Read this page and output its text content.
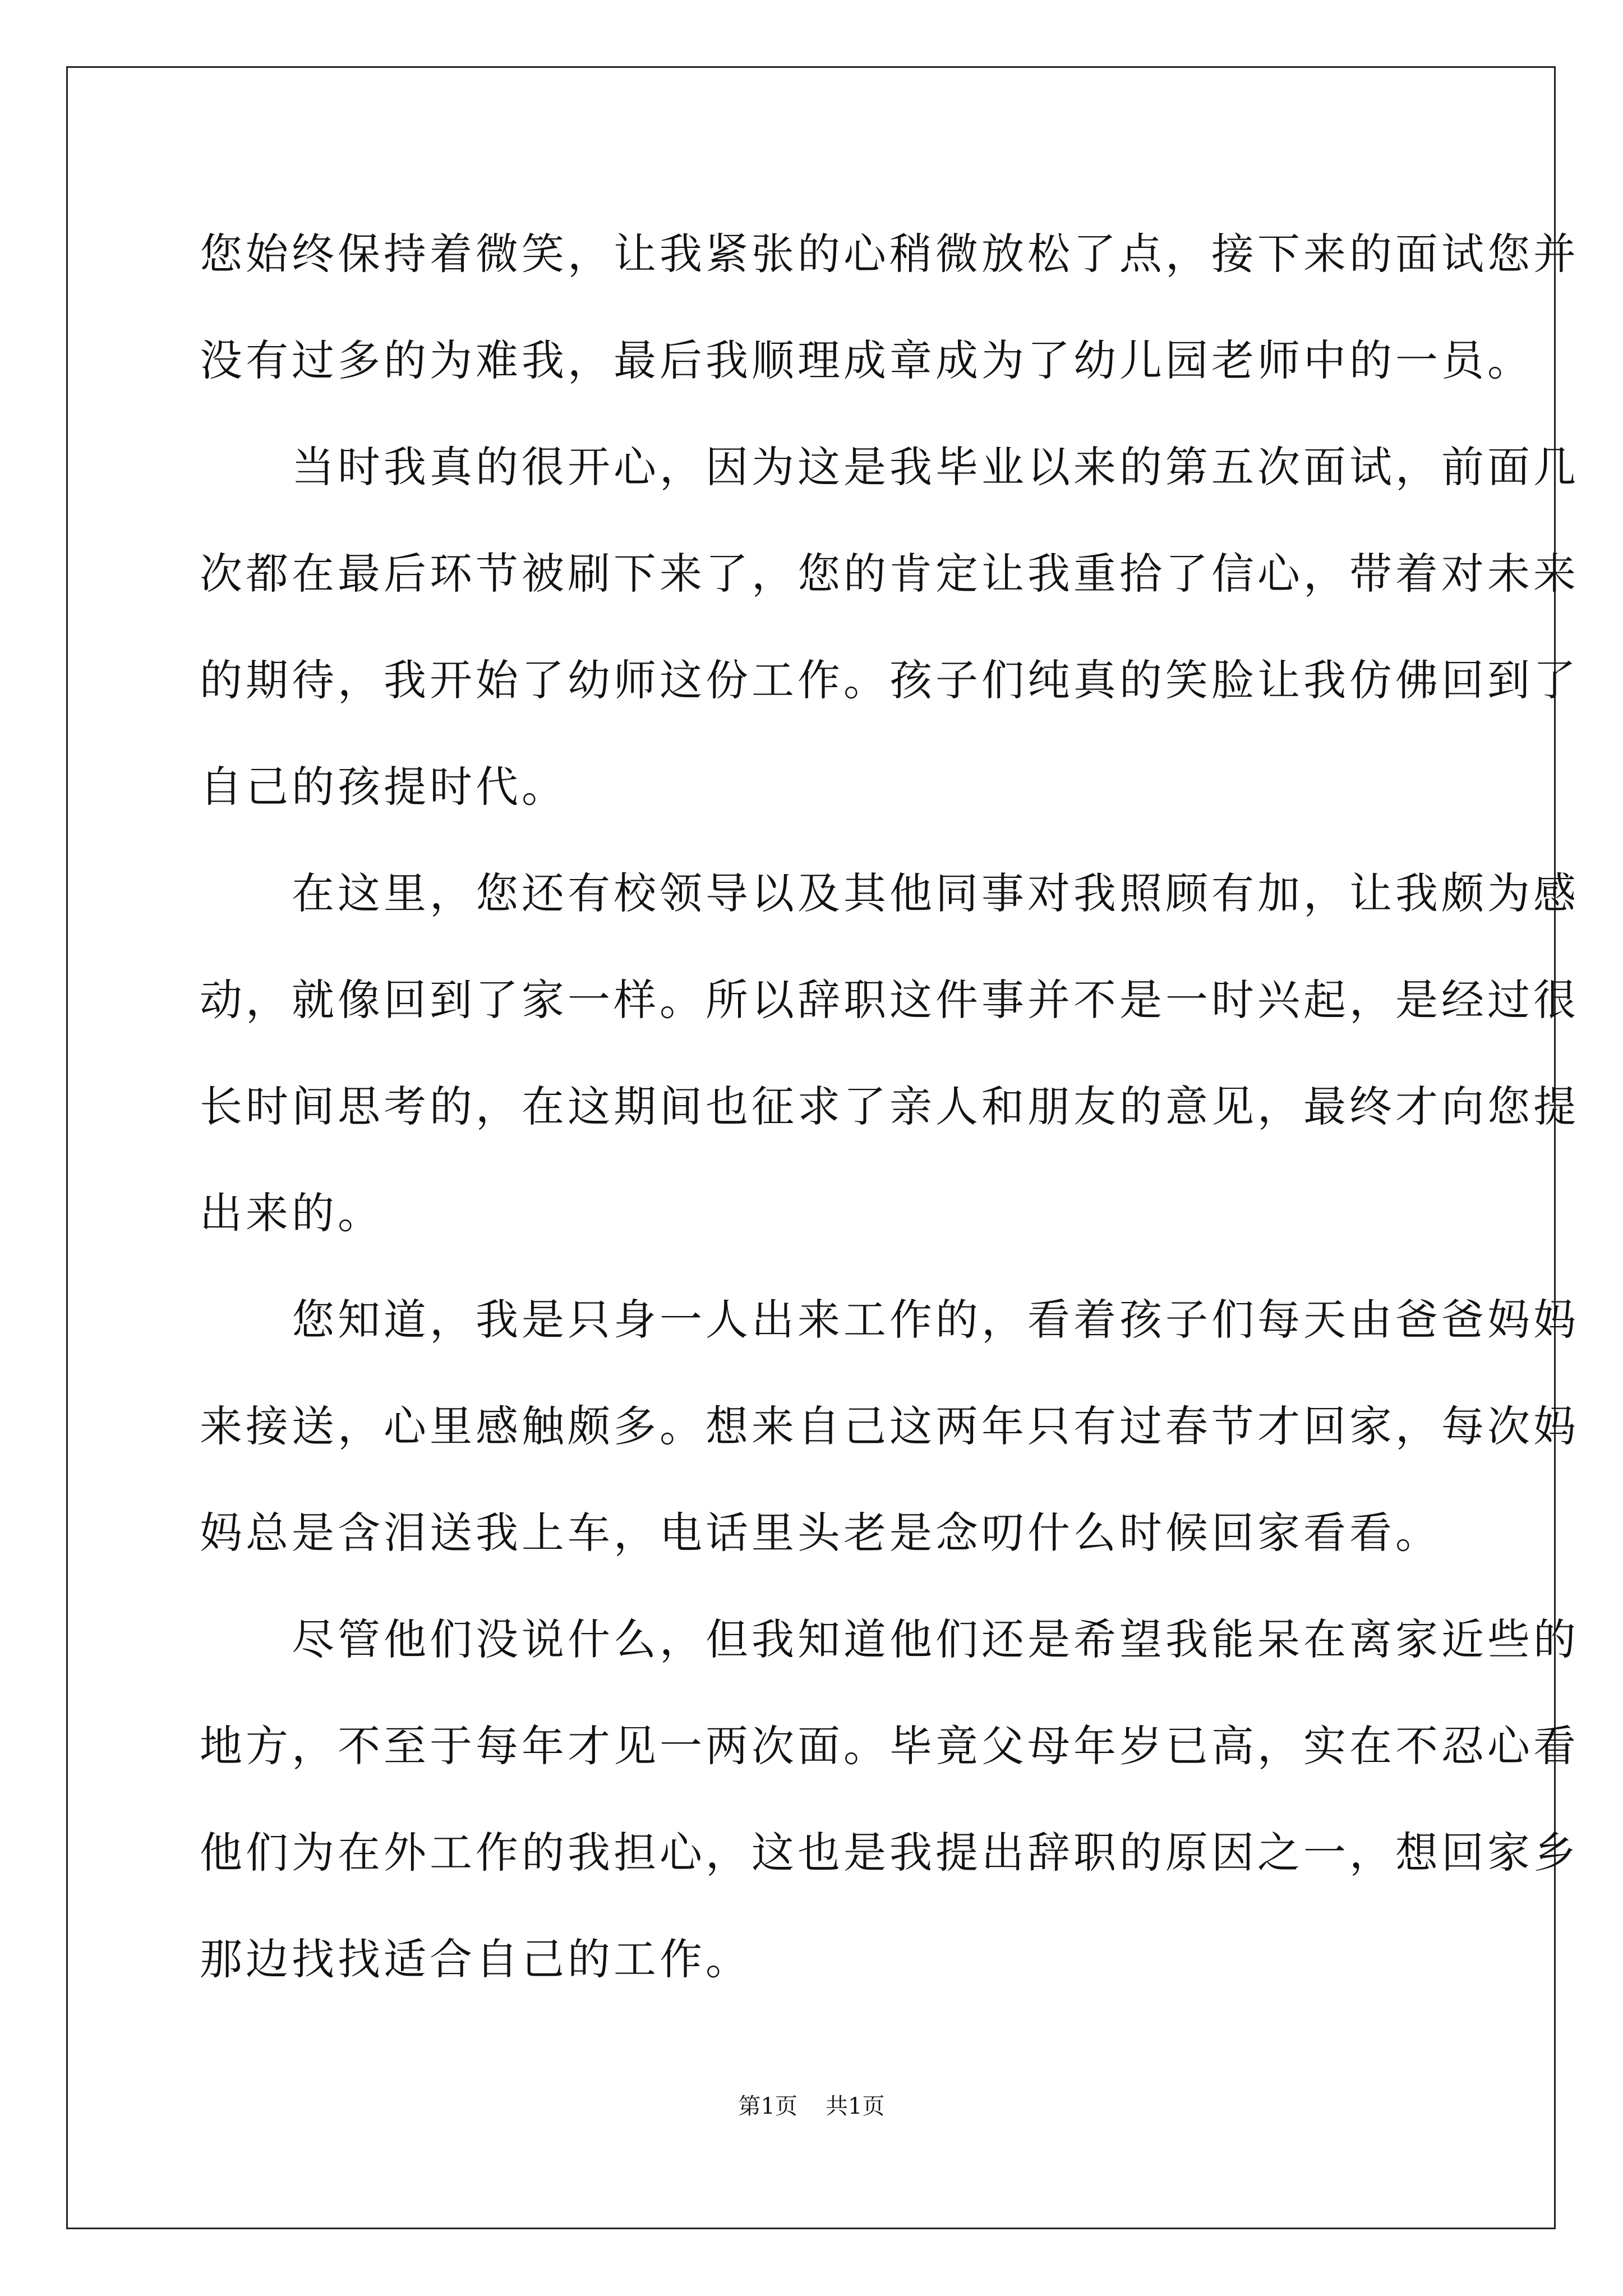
您始终保持着微笑，让我紧张的心稍微放松了点，接下来的面试您并
没有过多的为难我，最后我顺理成章成为了幼儿园老师中的一员。
　　当时我真的很开心，因为这是我毕业以来的第五次面试，前面几
次都在最后环节被刷下来了，您的肯定让我重拾了信心，带着对未来
的期待，我开始了幼师这份工作。孩子们纯真的笑脸让我仿佛回到了
自己的孩提时代。
　　在这里，您还有校领导以及其他同事对我照顾有加，让我颇为感
动，就像回到了家一样。所以辞职这件事并不是一时兴起，是经过很
长时间思考的，在这期间也征求了亲人和朋友的意见，最终才向您提
出来的。
　　您知道，我是只身一人出来工作的，看着孩子们每天由爸爸妈妈
来接送，心里感触颇多。想来自己这两年只有过春节才回家，每次妈
妈总是含泪送我上车，电话里头老是念叨什么时候回家看看。
　　尽管他们没说什么，但我知道他们还是希望我能呆在离家近些的
地方，不至于每年才见一两次面。毕竟父母年岁已高，实在不忍心看
他们为在外工作的我担心，这也是我提出辞职的原因之一，想回家乡
那边找找适合自己的工作。
第1页 共1页
